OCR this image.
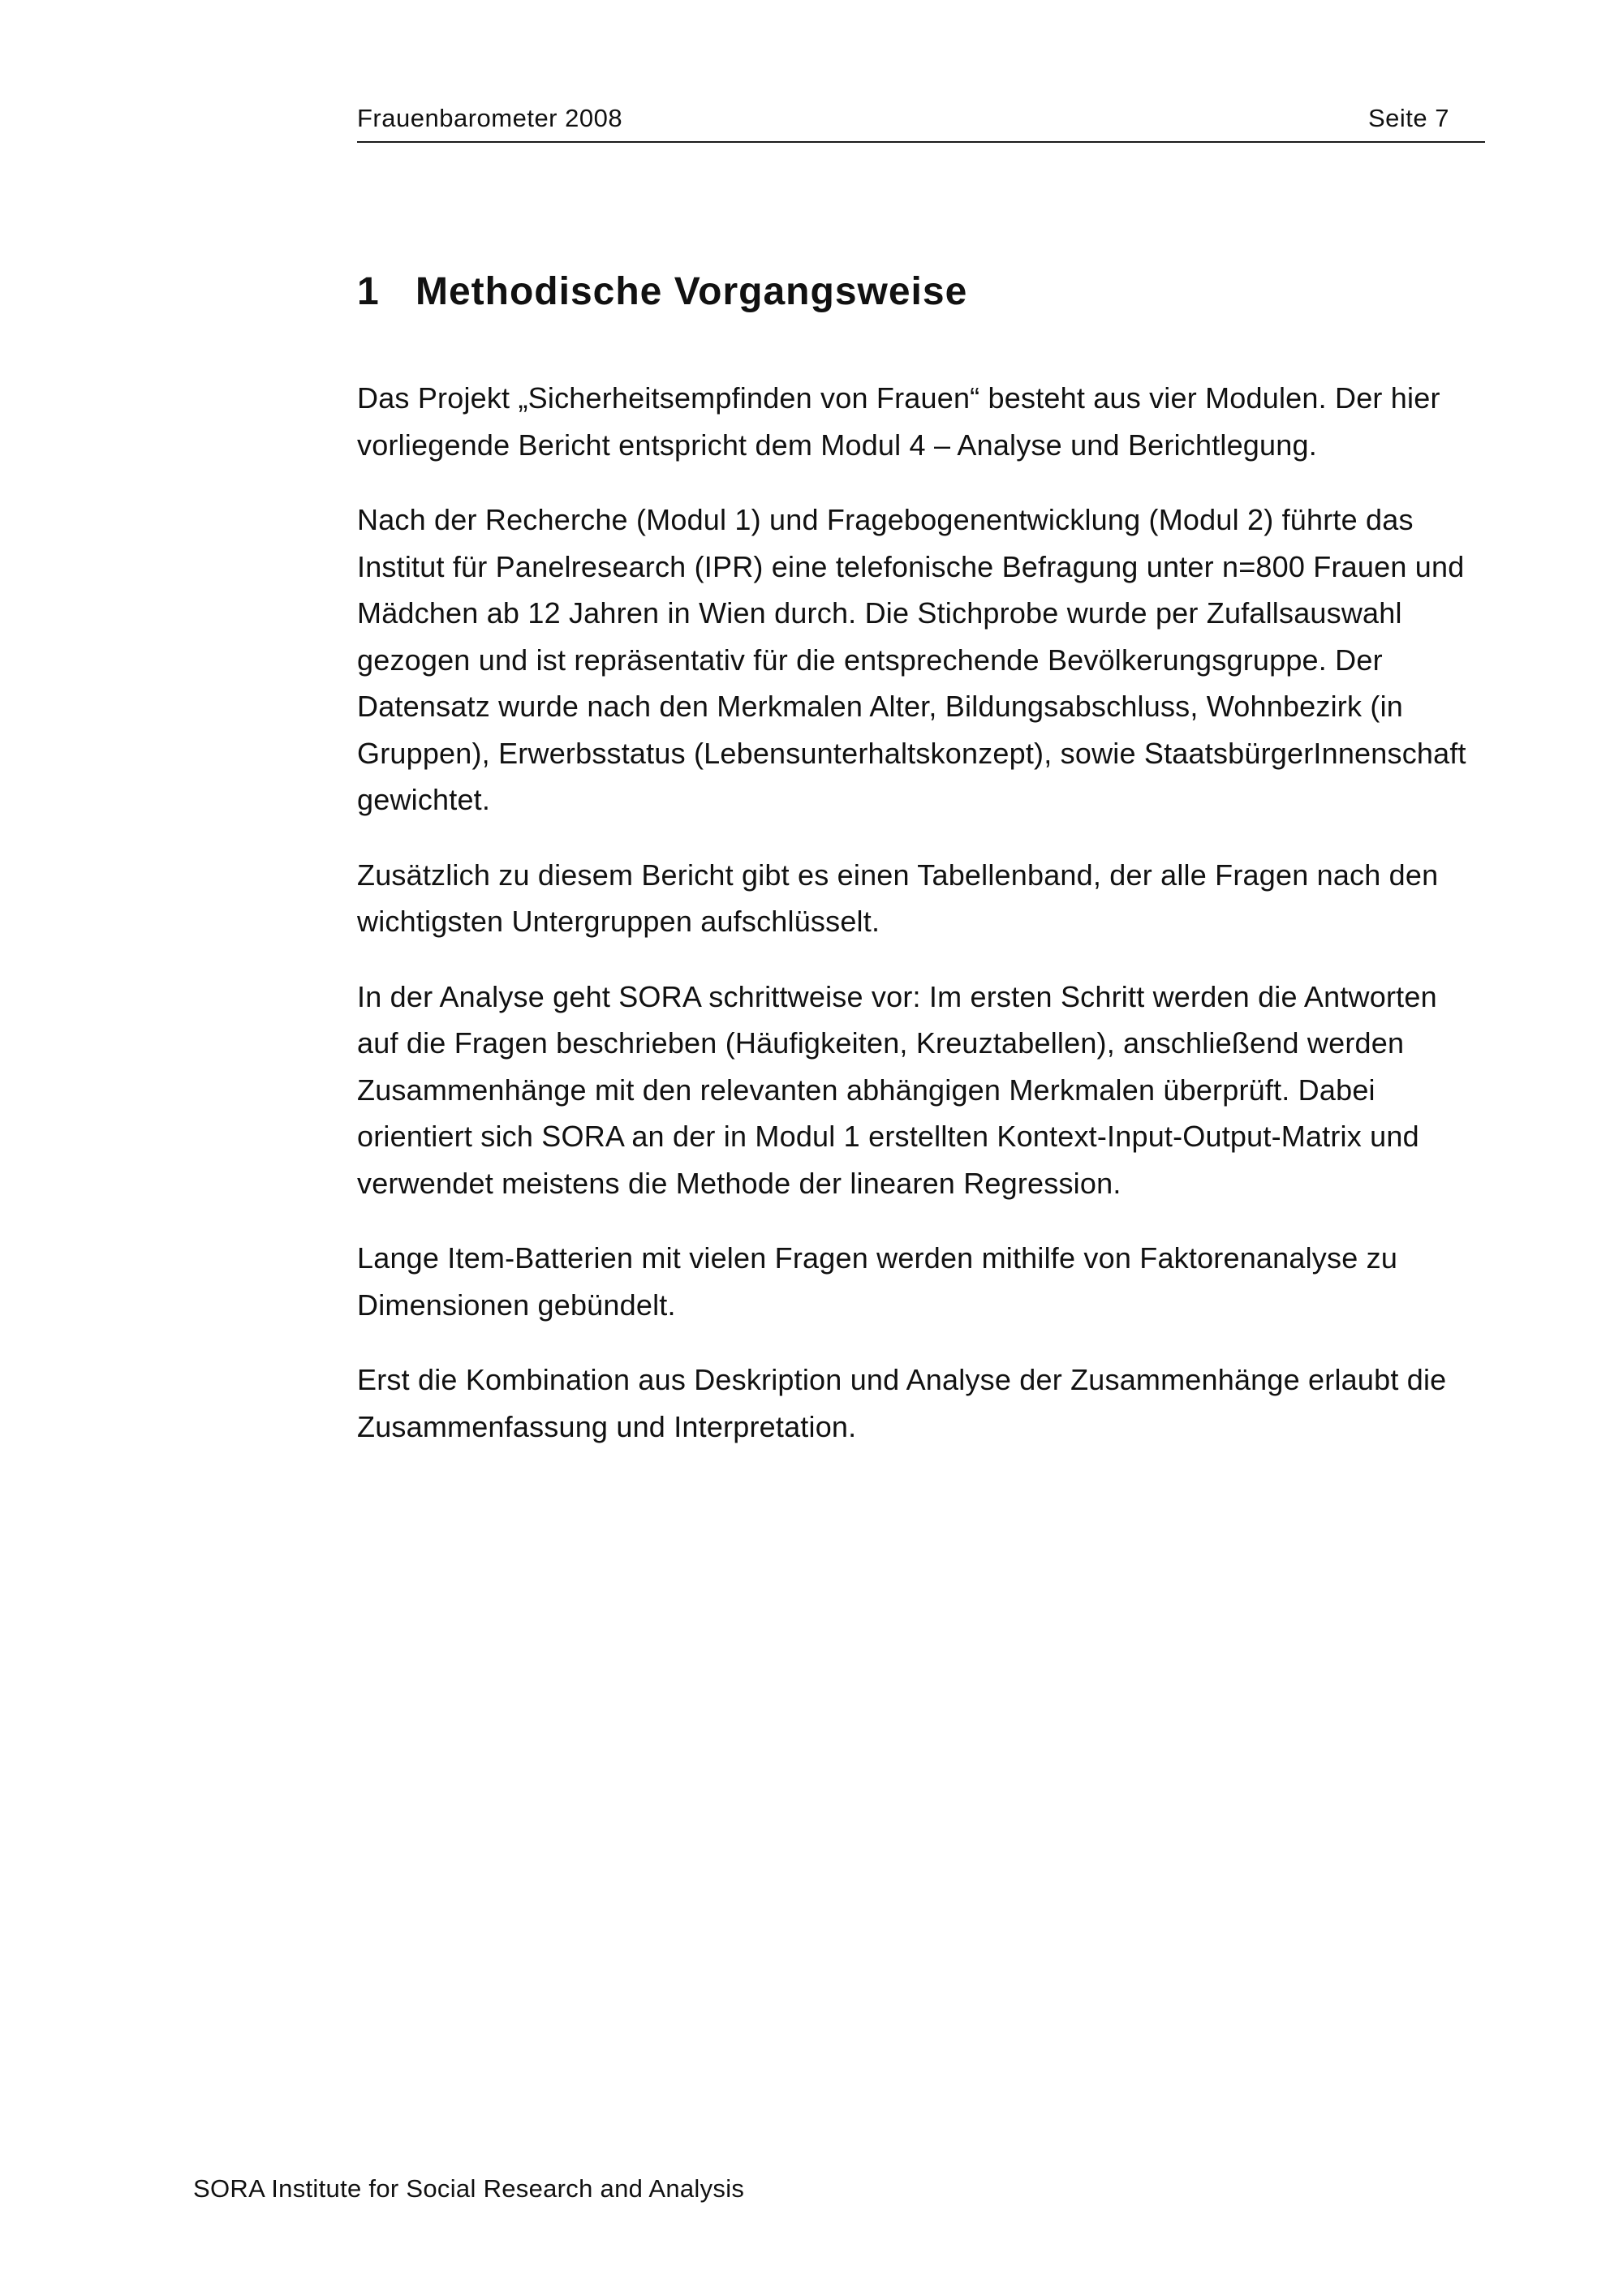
Frauenbarometer 2008	Seite 7
1 Methodische Vorgangsweise

Das Projekt „Sicherheitsempfinden von Frauen“ besteht aus vier Modulen. Der hier vorliegende Bericht entspricht dem Modul 4 – Analyse und Berichtlegung.

Nach der Recherche (Modul 1) und Fragebogenentwicklung (Modul 2) führte das Institut für Panelresearch (IPR) eine telefonische Befragung unter n=800 Frauen und Mädchen ab 12 Jahren in Wien durch. Die Stichprobe wurde per Zufallsauswahl gezogen und ist repräsentativ für die entsprechende Bevölkerungsgruppe. Der Datensatz wurde nach den Merkmalen Alter, Bildungsabschluss, Wohnbezirk (in Gruppen), Erwerbsstatus (Lebensunterhaltskonzept), sowie StaatsbürgerInnenschaft gewichtet.

Zusätzlich zu diesem Bericht gibt es einen Tabellenband, der alle Fragen nach den wichtigsten Untergruppen aufschlüsselt.

In der Analyse geht SORA schrittweise vor: Im ersten Schritt werden die Antworten auf die Fragen beschrieben (Häufigkeiten, Kreuztabellen), anschließend werden Zusammenhänge mit den relevanten abhängigen Merkmalen überprüft. Dabei orientiert sich SORA an der in Modul 1 erstellten Kontext-Input-Output-Matrix und verwendet meistens die Methode der linearen Regression.

Lange Item-Batterien mit vielen Fragen werden mithilfe von Faktorenanalyse zu Dimensionen gebündelt.

Erst die Kombination aus Deskription und Analyse der Zusammenhänge erlaubt die Zusammenfassung und Interpretation.

SORA Institute for Social Research and Analysis
